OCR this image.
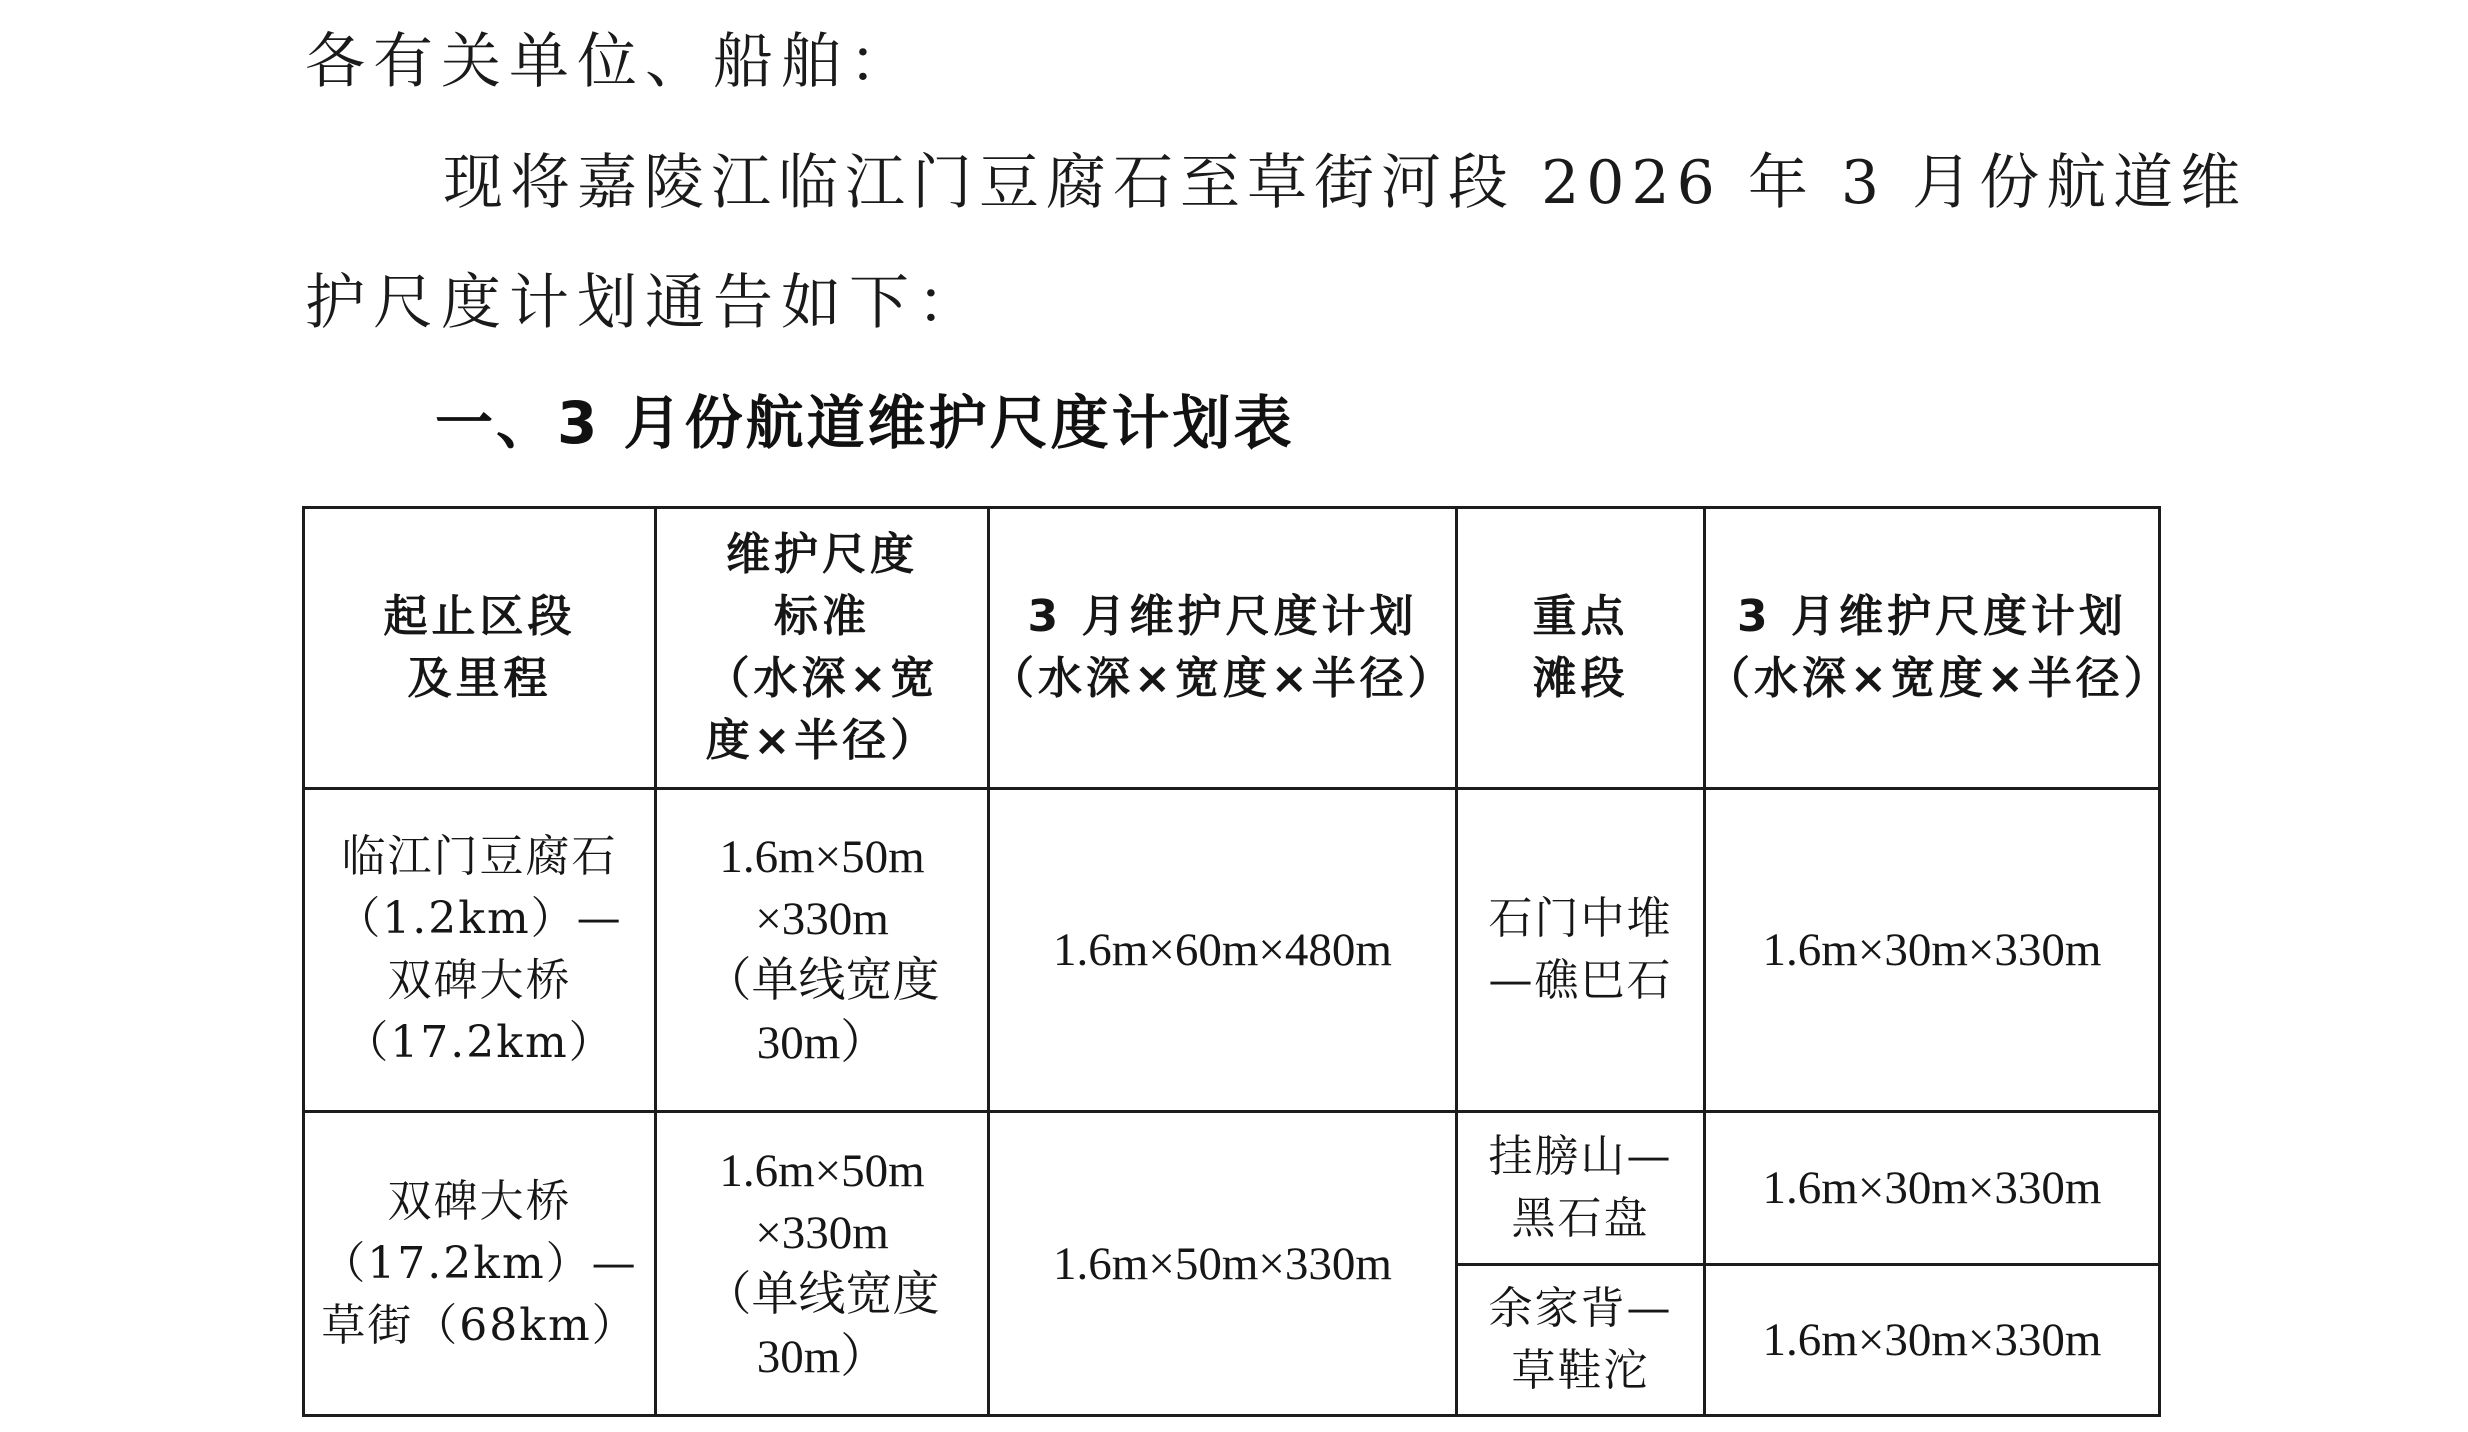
各有关单位、船舶：
现将嘉陵江临江门豆腐石至草街河段 2026 年 3 月份航道维
护尺度计划通告如下：
一、3 月份航道维护尺度计划表
起止区段
及里程	维护尺度
标准
（水深×宽
度×半径）	3 月维护尺度计划
（水深×宽度×半径）	重点
滩段	3 月维护尺度计划
（水深×宽度×半径）

临江门豆腐石
（1.2km）—
双碑大桥
（17.2km）	1.6m×50m
×330m
（单线宽度
30m）	1.6m×60m×480m	石门中堆
—礁巴石	1.6m×30m×330m

双碑大桥
（17.2km）—
草街（68km）	1.6m×50m
×330m
（单线宽度
30m）	1.6m×50m×330m	挂膀山—
黑石盘	1.6m×30m×330m

			余家背—
草鞋沱	1.6m×30m×330m
